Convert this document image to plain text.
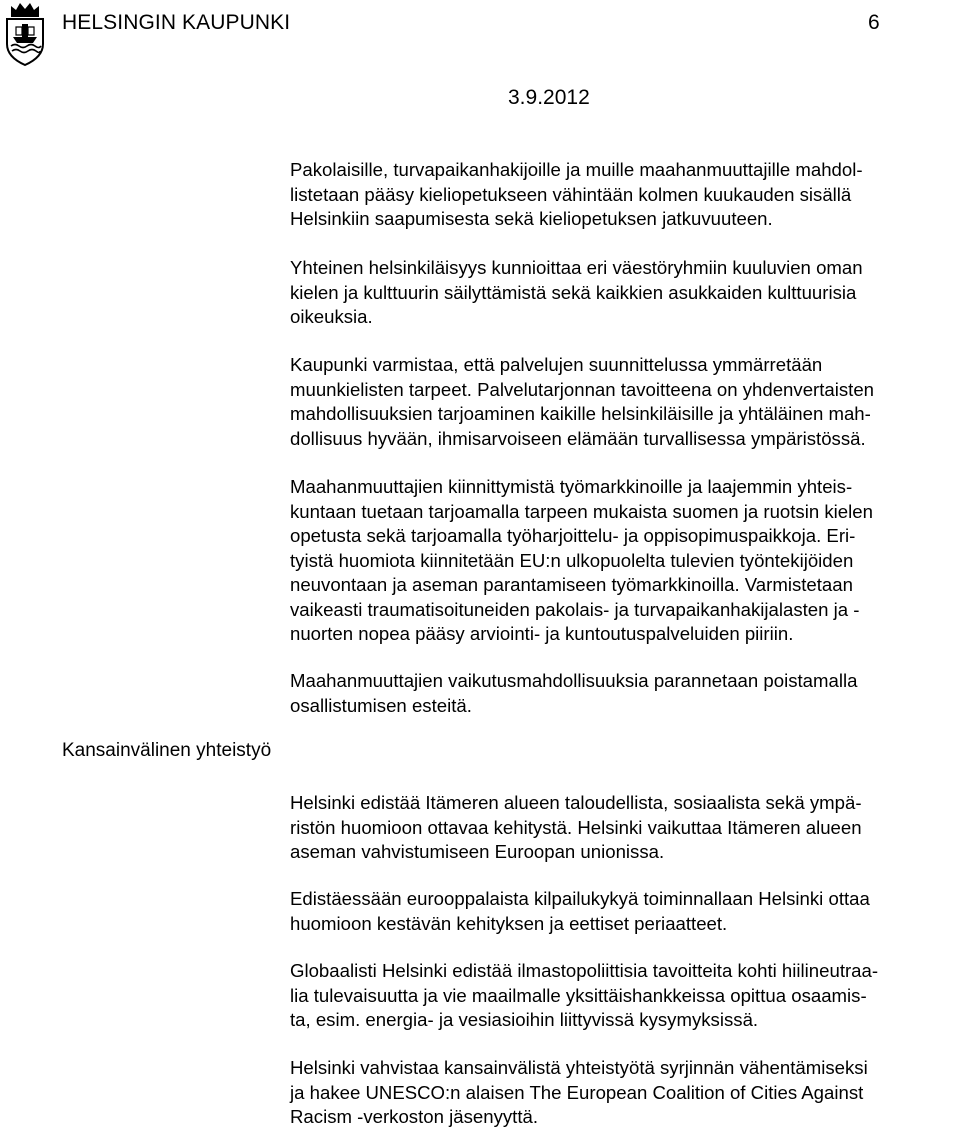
HELSINGIN KAUPUNKI	6
3.9.2012
Kansainvälinen yhteistyö

Pakolaisille, turvapaikanhakijoille ja muille maahanmuuttajille mahdol-
listetaan pääsy kieliopetukseen vähintään kolmen kuukauden sisällä
Helsinkiin saapumisesta sekä kieliopetuksen jatkuvuuteen.

Yhteinen helsinkiläisyys kunnioittaa eri väestöryhmiin kuuluvien oman
kielen ja kulttuurin säilyttämistä sekä kaikkien asukkaiden kulttuurisia
oikeuksia.

Kaupunki varmistaa, että palvelujen suunnittelussa ymmärretään
muunkielisten tarpeet. Palvelutarjonnan tavoitteena on yhdenvertaisten
mahdollisuuksien tarjoaminen kaikille helsinkiläisille ja yhtäläinen mah-
dollisuus hyvään, ihmisarvoiseen elämään turvallisessa ympäristössä.

Maahanmuuttajien kiinnittymistä työmarkkinoille ja laajemmin yhteis-
kuntaan tuetaan tarjoamalla tarpeen mukaista suomen ja ruotsin kielen
opetusta sekä tarjoamalla työharjoittelu- ja oppisopimuspaikkoja. Eri-
tyistä huomiota kiinnitetään EU:n ulkopuolelta tulevien työntekijöiden
neuvontaan ja aseman parantamiseen työmarkkinoilla. Varmistetaan
vaikeasti traumatisoituneiden pakolais- ja turvapaikanhakijalasten ja -
nuorten nopea pääsy arviointi- ja kuntoutuspalveluiden piiriin.

Maahanmuuttajien vaikutusmahdollisuuksia parannetaan poistamalla
osallistumisen esteitä.

Helsinki edistää Itämeren alueen taloudellista, sosiaalista sekä ympä-
ristön huomioon ottavaa kehitystä. Helsinki vaikuttaa Itämeren alueen
aseman vahvistumiseen Euroopan unionissa.

Edistäessään eurooppalaista kilpailukykyä toiminnallaan Helsinki ottaa
huomioon kestävän kehityksen ja eettiset periaatteet.

Globaalisti Helsinki edistää ilmastopoliittisia tavoitteita kohti hiilineutraa-
lia tulevaisuutta ja vie maailmalle yksittäishankkeissa opittua osaamis-
ta, esim. energia- ja vesiasioihin liittyvissä kysymyksissä.

Helsinki vahvistaa kansainvälistä yhteistyötä syrjinnän vähentämiseksi
ja hakee UNESCO:n alaisen The European Coalition of Cities Against
Racism -verkoston jäsenyyttä.
